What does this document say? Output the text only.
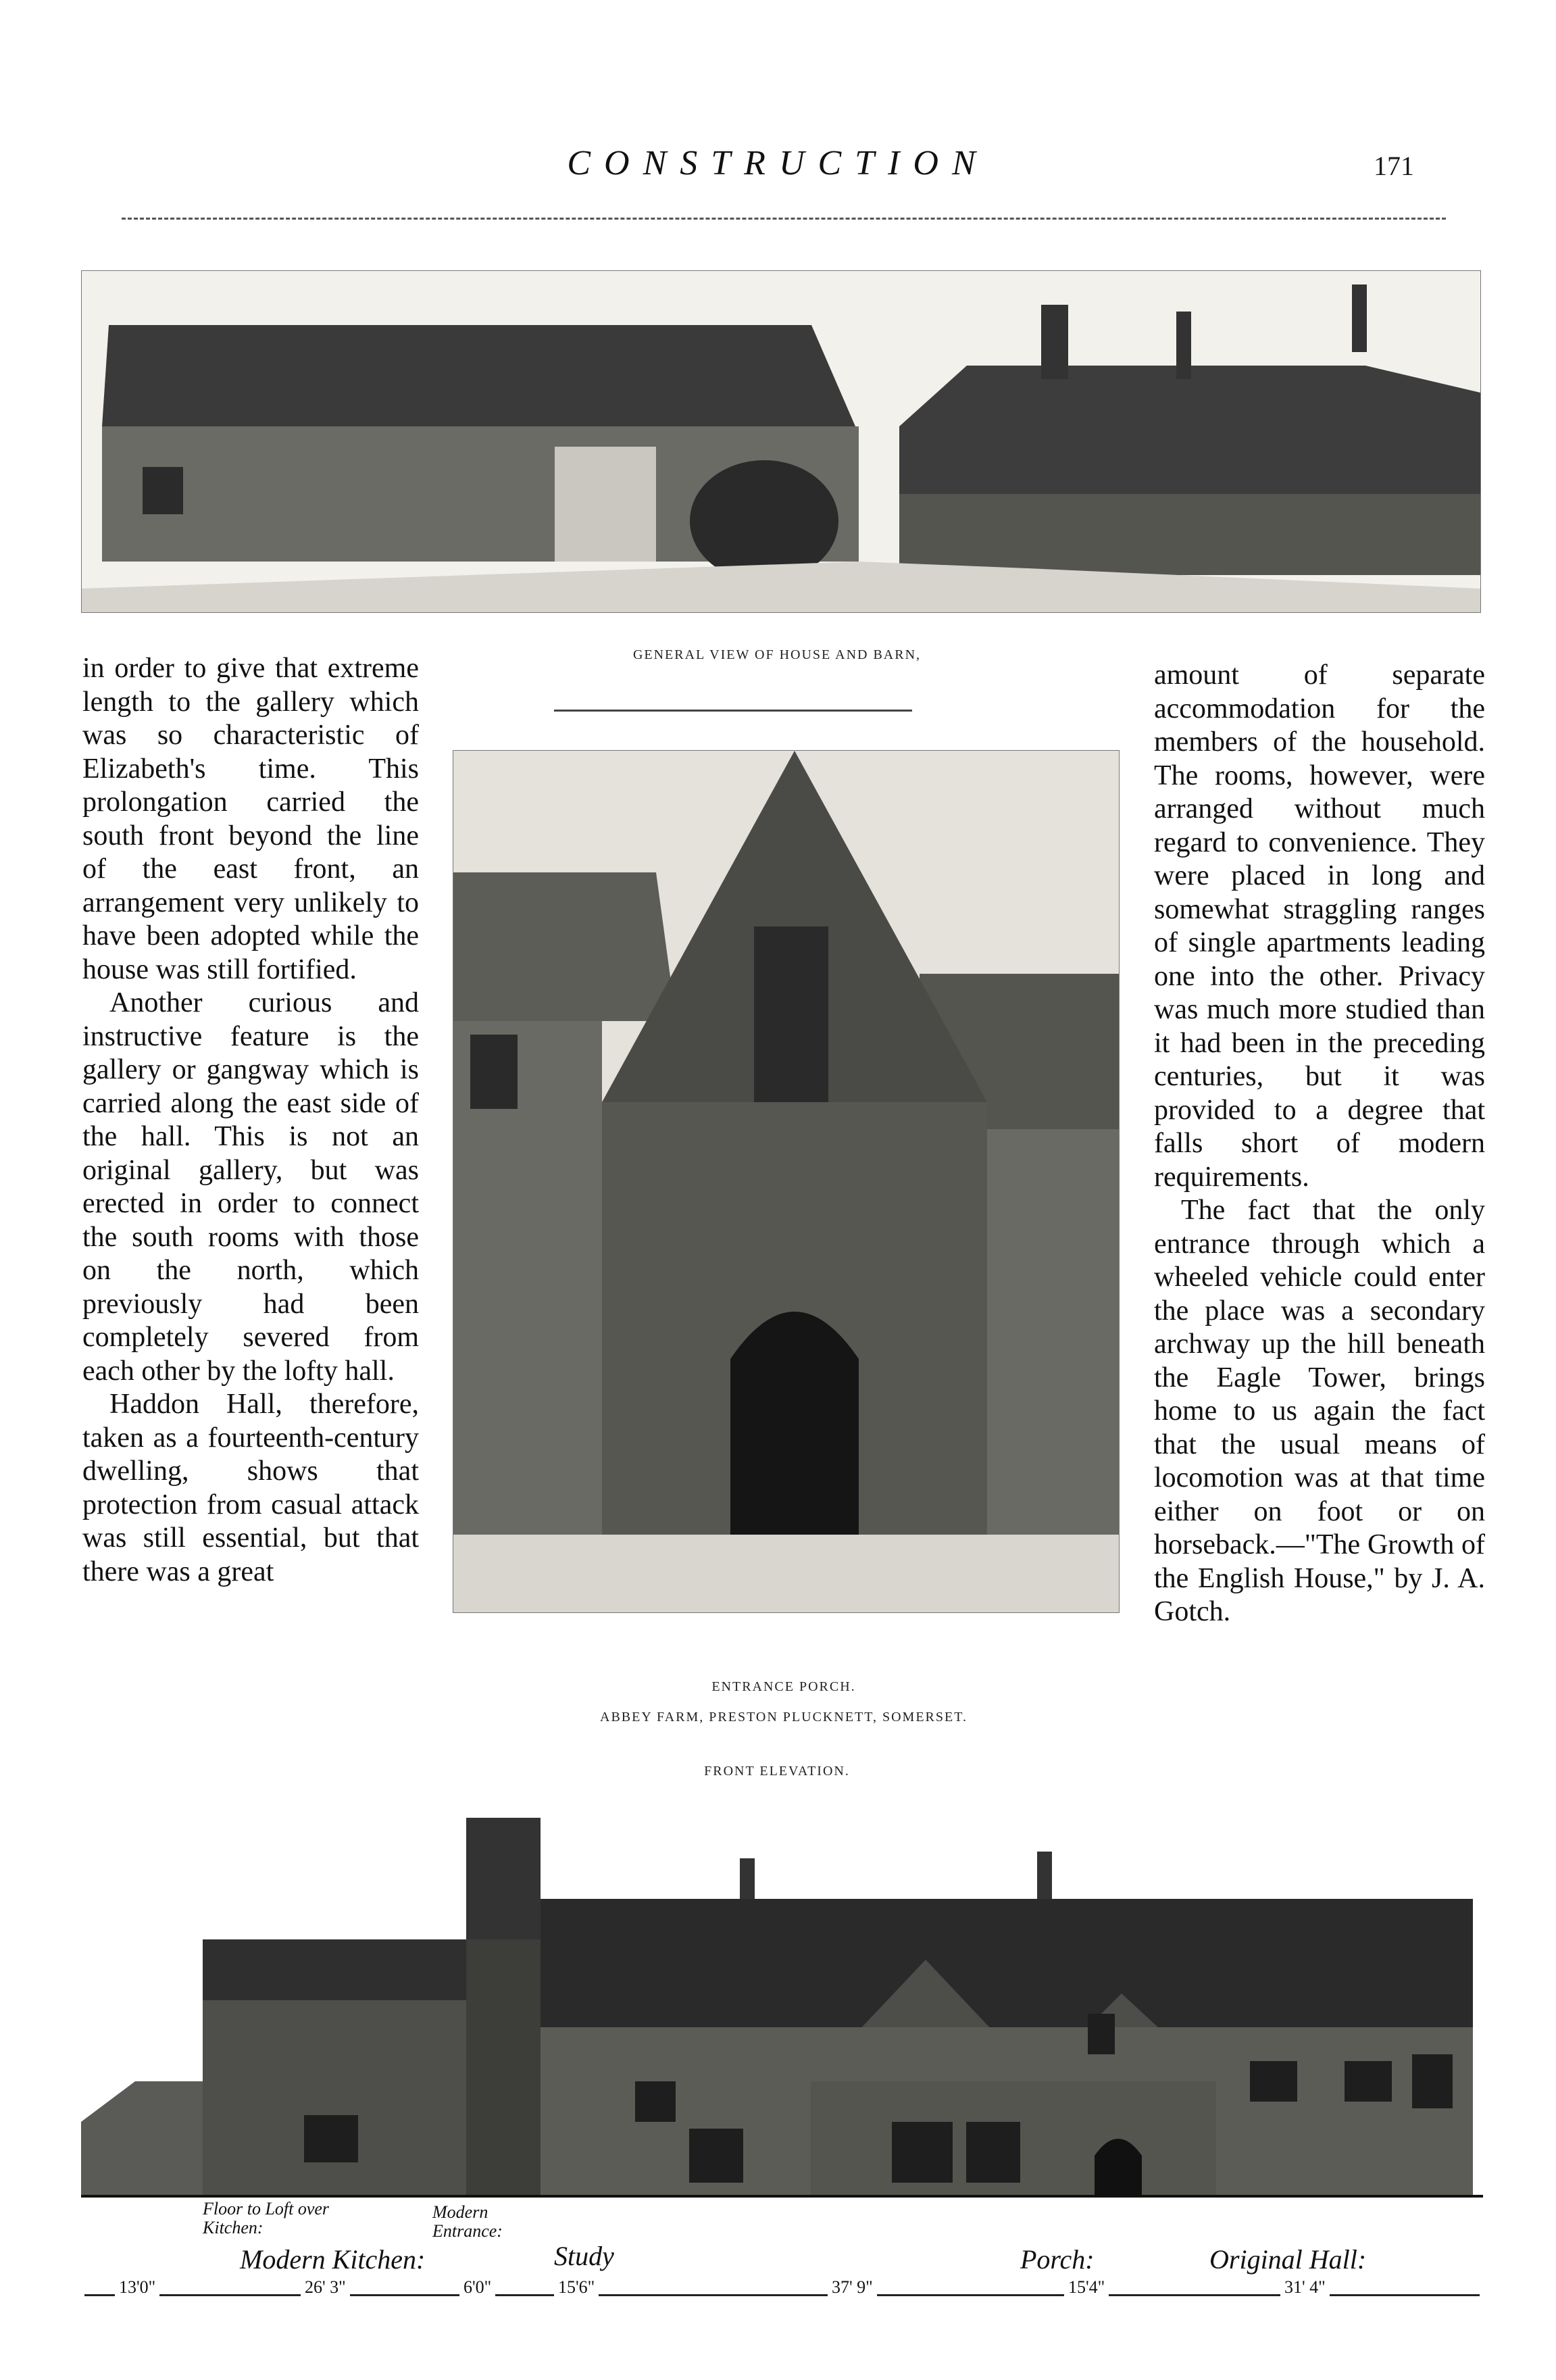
CONSTRUCTION	171
GENERAL VIEW OF HOUSE AND BARN,
ENTRANCE PORCH.
ABBEY FARM, PRESTON PLUCKNETT, SOMERSET.
FRONT ELEVATION.

in order to give that extreme length to the gallery which was so characteristic of Elizabeth's time. This prolongation carried the south front beyond the line of the east front, an arrangement very unlikely to have been adopted while the house was still fortified.

Another curious and instructive feature is the gallery or gangway which is carried along the east side of the hall. This is not an original gallery, but was erected in order to connect the south rooms with those on the north, which previously had been completely severed from each other by the lofty hall.

Haddon Hall, therefore, taken as a fourteenth-century dwelling, shows that protection from casual attack was still essential, but that there was a great

amount of separate accommodation for the members of the household. The rooms, however, were arranged without much regard to convenience. They were placed in long and somewhat straggling ranges of single apartments leading one into the other. Privacy was much more studied than it had been in the preceding centuries, but it was provided to a degree that falls short of modern requirements.

The fact that the only entrance through which a wheeled vehicle could enter the place was a secondary archway up the hill beneath the Eagle Tower, brings home to us again the fact that the usual means of locomotion was at that time either on foot or on horseback.—"The Growth of the English House," by J. A. Gotch.

Floor to Loft over Kitchen:
Modern Entrance:
Modern Kitchen:	Study	Porch:	Original Hall:
13'0"	26' 3"	6'0"	15'6"	37' 9"	15'4"	31' 4"
